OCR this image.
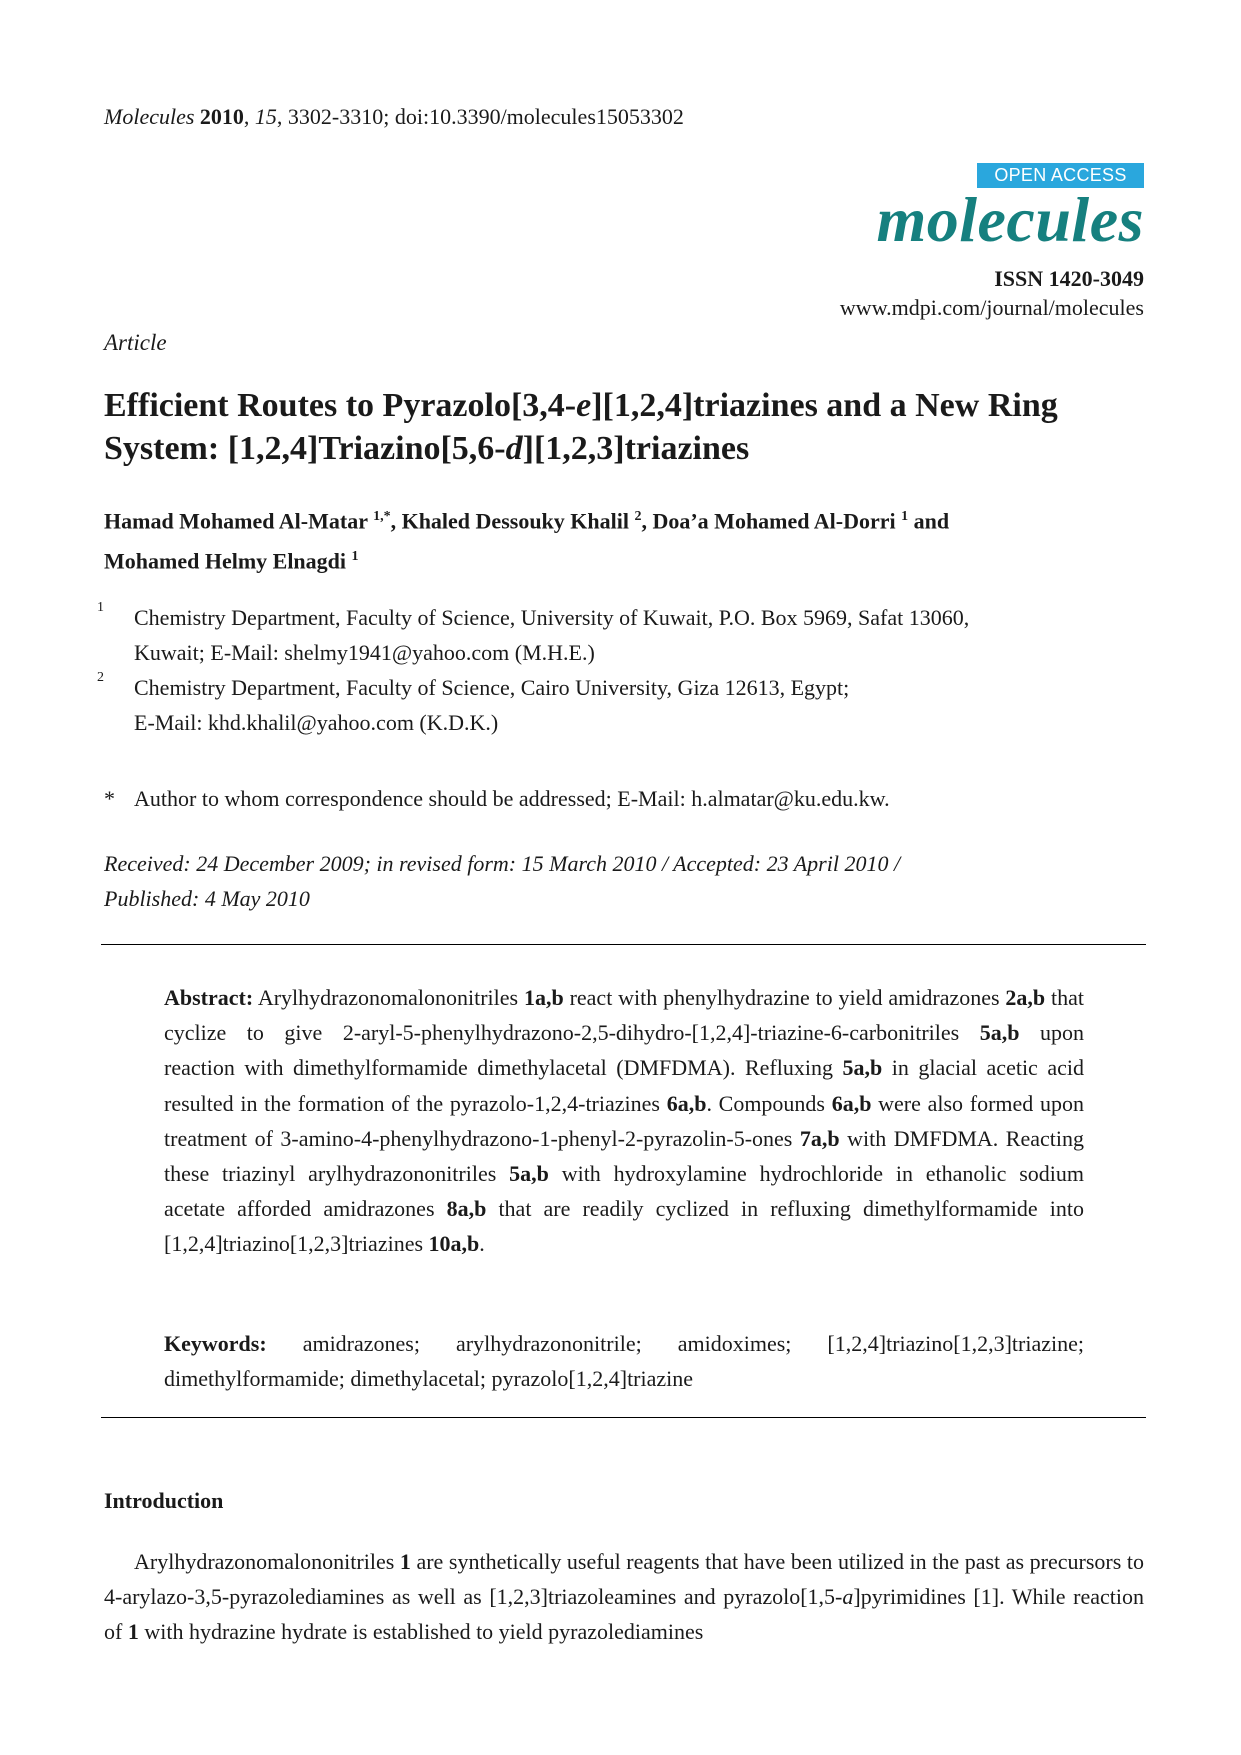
Molecules 2010, 15, 3302-3310; doi:10.3390/molecules15053302
OPEN ACCESS
molecules
ISSN 1420-3049
www.mdpi.com/journal/molecules
Article
Efficient Routes to Pyrazolo[3,4-e][1,2,4]triazines and a New Ring System: [1,2,4]Triazino[5,6-d][1,2,3]triazines
Hamad Mohamed Al-Matar $^{1,*}$, Khaled Dessouky Khalil $^2$, Doa’a Mohamed Al-Dorri $^1$ and
Mohamed Helmy Elnagdi $^1$
1 Chemistry Department, Faculty of Science, University of Kuwait, P.O. Box 5969, Safat 13060,
Kuwait; E-Mail: shelmy1941@yahoo.com (M.H.E.)
2 Chemistry Department, Faculty of Science, Cairo University, Giza 12613, Egypt;
E-Mail: khd.khalil@yahoo.com (K.D.K.)
* Author to whom correspondence should be addressed; E-Mail: h.almatar@ku.edu.kw.
Received: 24 December 2009; in revised form: 15 March 2010 / Accepted: 23 April 2010 /
Published: 4 May 2010
Abstract: Arylhydrazonomalononitriles 1a,b react with phenylhydrazine to yield amidrazones 2a,b that cyclize to give 2-aryl-5-phenylhydrazono-2,5-dihydro-[1,2,4]-triazine-6-carbonitriles 5a,b upon reaction with dimethylformamide dimethylacetal (DMFDMA). Refluxing 5a,b in glacial acetic acid resulted in the formation of the pyrazolo-1,2,4-triazines 6a,b. Compounds 6a,b were also formed upon treatment of 3-amino-4-phenylhydrazono-1-phenyl-2-pyrazolin-5-ones 7a,b with DMFDMA. Reacting these triazinyl arylhydrazononitriles 5a,b with hydroxylamine hydrochloride in ethanolic sodium acetate afforded amidrazones 8a,b that are readily cyclized in refluxing dimethylformamide into [1,2,4]triazino[1,2,3]triazines 10a,b.
Keywords: amidrazones; arylhydrazononitrile; amidoximes; [1,2,4]triazino[1,2,3]triazine; dimethylformamide; dimethylacetal; pyrazolo[1,2,4]triazine
Introduction
Arylhydrazonomalononitriles 1 are synthetically useful reagents that have been utilized in the past as precursors to 4-arylazo-3,5-pyrazolediamines as well as [1,2,3]triazoleamines and pyrazolo[1,5-a]pyrimidines [1]. While reaction of 1 with hydrazine hydrate is established to yield pyrazolediamines
